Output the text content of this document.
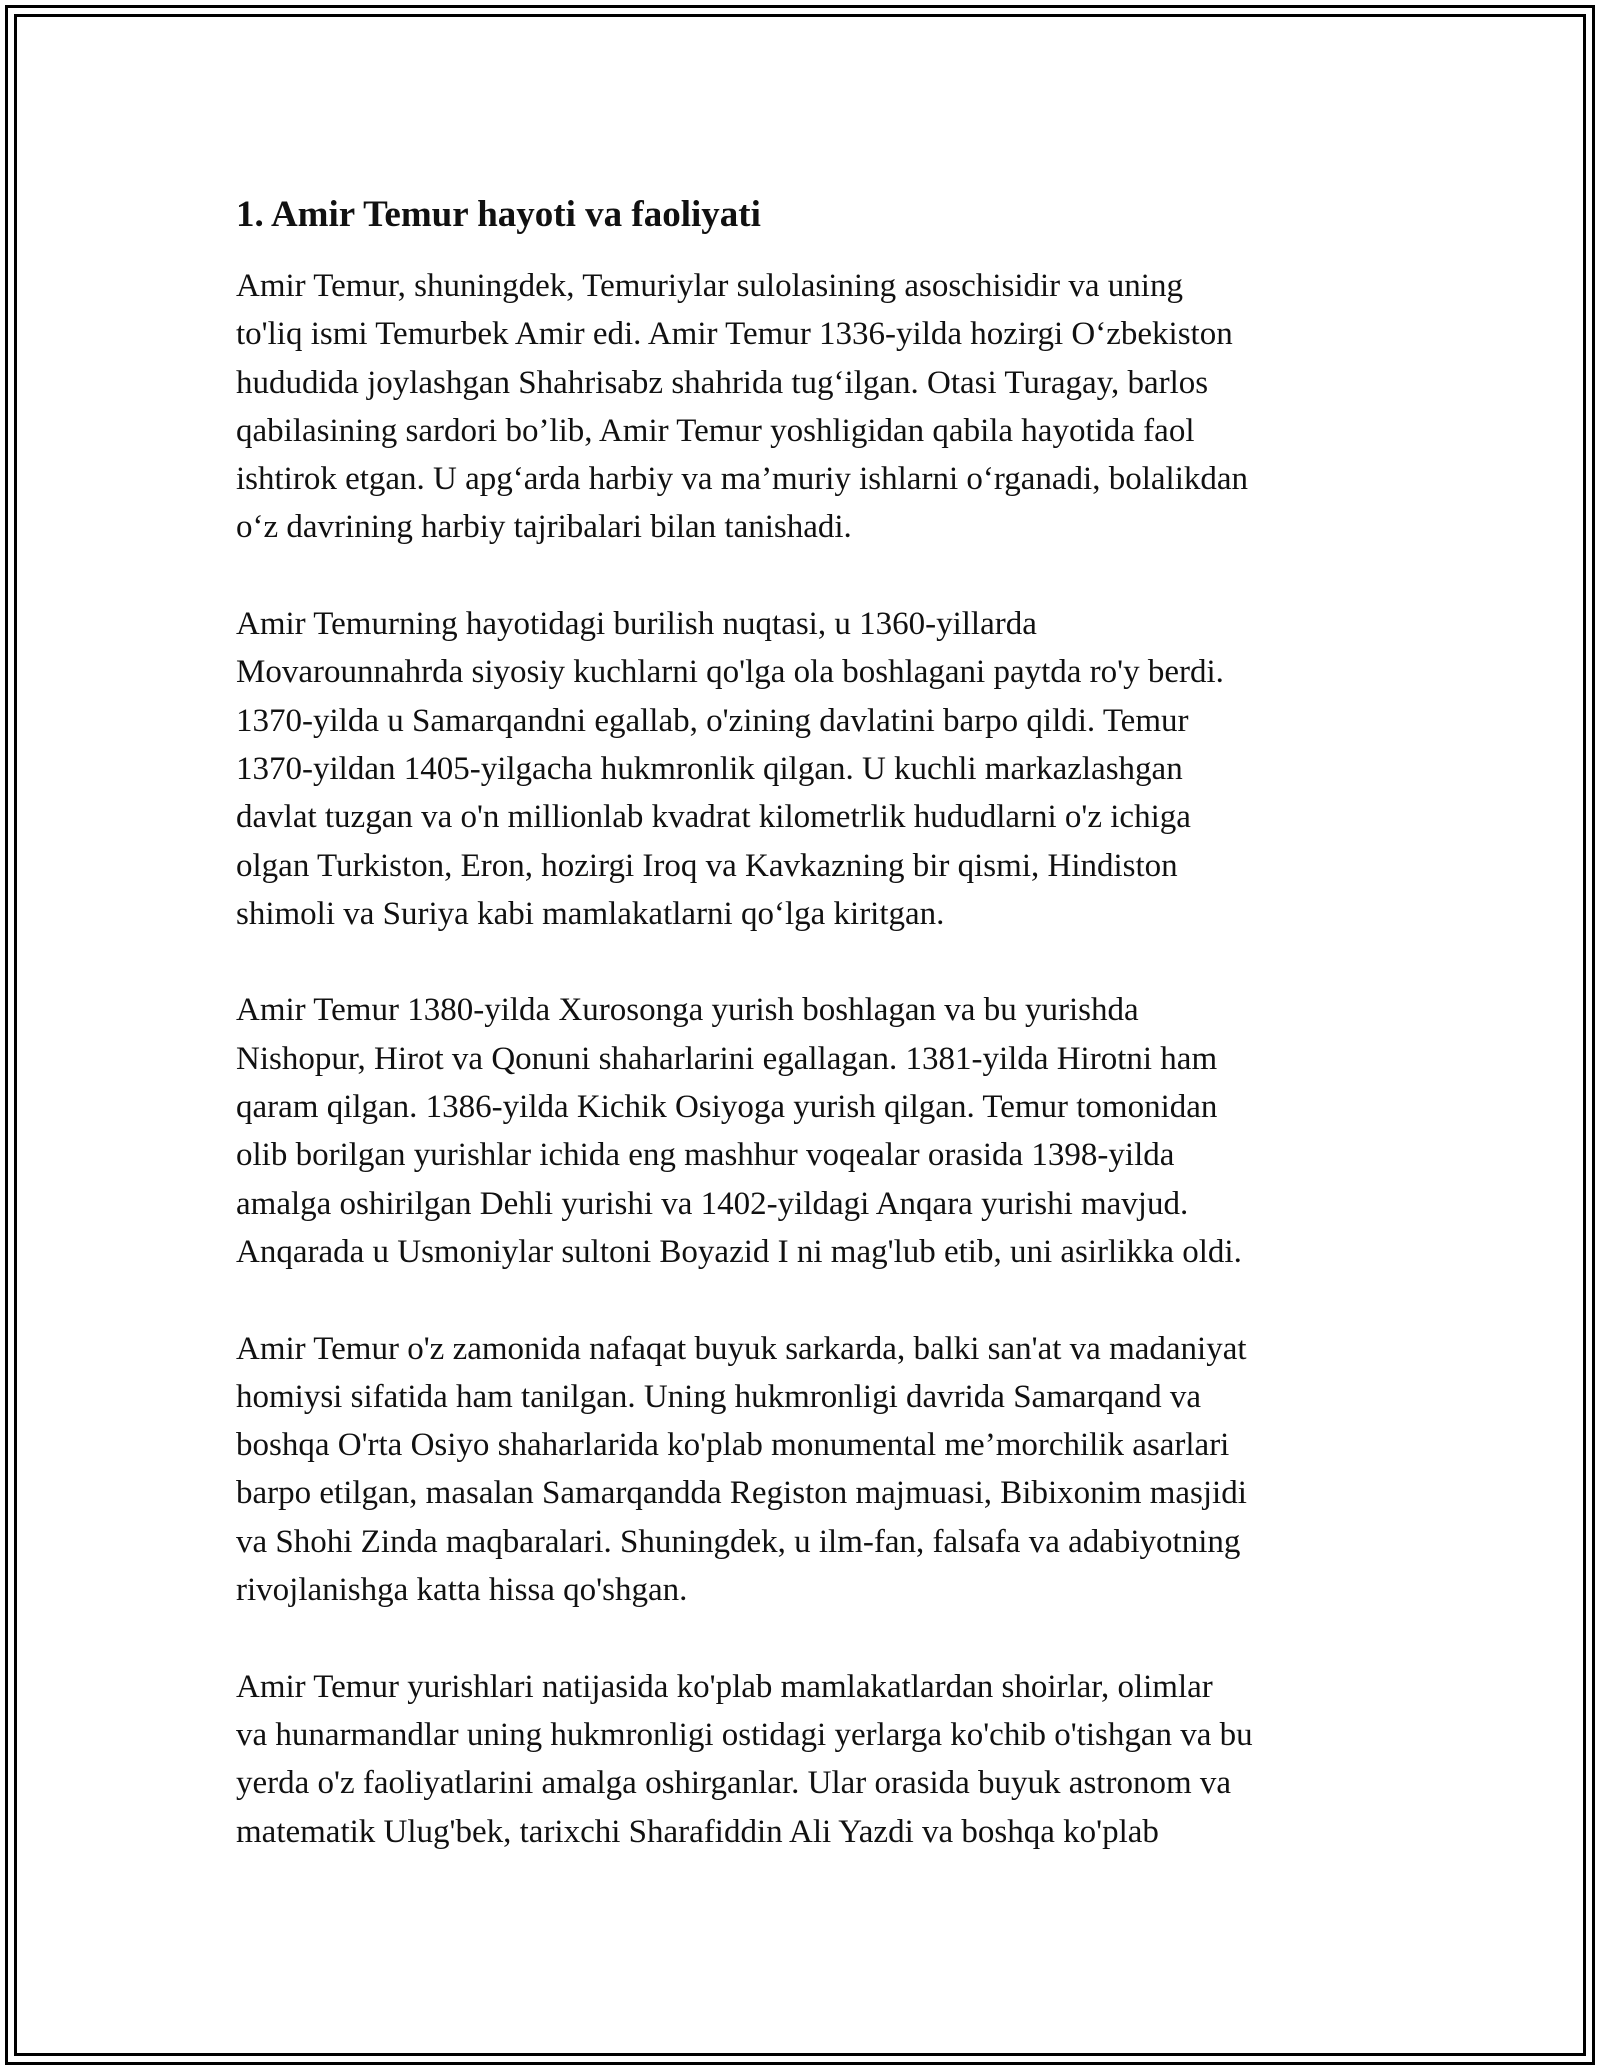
1. Amir Temur hayoti va faoliyati
Amir Temur, shuningdek, Temuriylar sulolasining asoschisidir va uning
to'liq ismi Temurbek Amir edi. Amir Temur 1336-yilda hozirgi O‘zbekiston
hududida joylashgan Shahrisabz shahrida tug‘ilgan. Otasi Turagay, barlos
qabilasining sardori bo’lib, Amir Temur yoshligidan qabila hayotida faol
ishtirok etgan. U apg‘arda harbiy va ma’muriy ishlarni o‘rganadi, bolalikdan
o‘z davrining harbiy tajribalari bilan tanishadi.
Amir Temurning hayotidagi burilish nuqtasi, u 1360-yillarda
Movarounnahrda siyosiy kuchlarni qo'lga ola boshlagani paytda ro'y berdi.
1370-yilda u Samarqandni egallab, o'zining davlatini barpo qildi. Temur
1370-yildan 1405-yilgacha hukmronlik qilgan. U kuchli markazlashgan
davlat tuzgan va o'n millionlab kvadrat kilometrlik hududlarni o'z ichiga
olgan Turkiston, Eron, hozirgi Iroq va Kavkazning bir qismi, Hindiston
shimoli va Suriya kabi mamlakatlarni qo‘lga kiritgan.
Amir Temur 1380-yilda Xurosonga yurish boshlagan va bu yurishda
Nishopur, Hirot va Qonuni shaharlarini egallagan. 1381-yilda Hirotni ham
qaram qilgan. 1386-yilda Kichik Osiyoga yurish qilgan. Temur tomonidan
olib borilgan yurishlar ichida eng mashhur voqealar orasida 1398-yilda
amalga oshirilgan Dehli yurishi va 1402-yildagi Anqara yurishi mavjud.
Anqarada u Usmoniylar sultoni Boyazid I ni mag'lub etib, uni asirlikka oldi.
Amir Temur o'z zamonida nafaqat buyuk sarkarda, balki san'at va madaniyat
homiysi sifatida ham tanilgan. Uning hukmronligi davrida Samarqand va
boshqa O'rta Osiyo shaharlarida ko'plab monumental me’morchilik asarlari
barpo etilgan, masalan Samarqandda Registon majmuasi, Bibixonim masjidi
va Shohi Zinda maqbaralari. Shuningdek, u ilm-fan, falsafa va adabiyotning
rivojlanishga katta hissa qo'shgan.
Amir Temur yurishlari natijasida ko'plab mamlakatlardan shoirlar, olimlar
va hunarmandlar uning hukmronligi ostidagi yerlarga ko'chib o'tishgan va bu
yerda o'z faoliyatlarini amalga oshirganlar. Ular orasida buyuk astronom va
matematik Ulug'bek, tarixchi Sharafiddin Ali Yazdi va boshqa ko'plab
